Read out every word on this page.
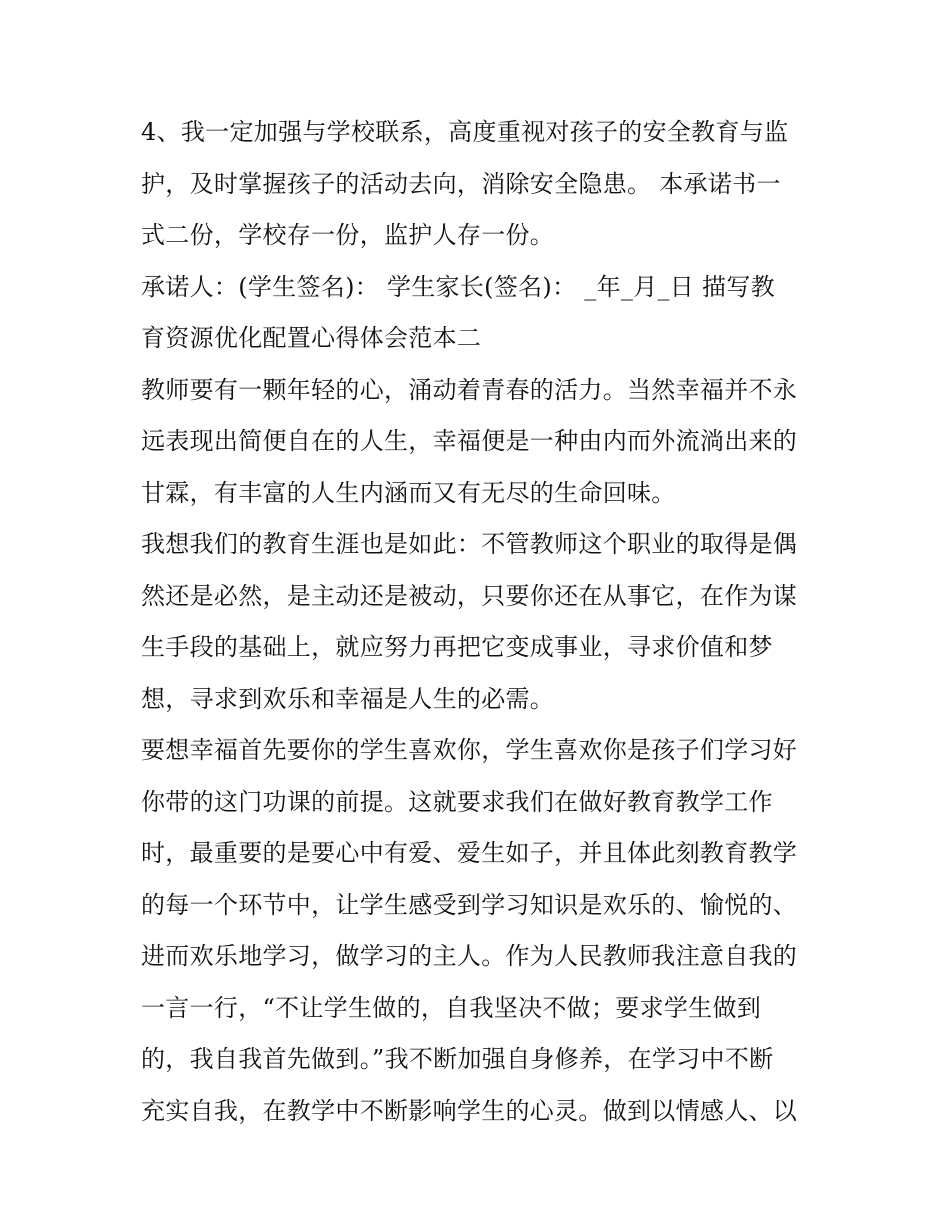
4、我一定加强与学校联系，高度重视对孩子的安全教育与监
护，及时掌握孩子的活动去向，消除安全隐患。 本承诺书一
式二份，学校存一份，监护人存一份。
承诺人：(学生签名)： 学生家长(签名)： _年_月_日 描写教
育资源优化配置心得体会范本二
教师要有一颗年轻的心，涌动着青春的活力。当然幸福并不永
远表现出简便自在的人生，幸福便是一种由内而外流淌出来的
甘霖，有丰富的人生内涵而又有无尽的生命回味。
我想我们的教育生涯也是如此：不管教师这个职业的取得是偶
然还是必然，是主动还是被动，只要你还在从事它，在作为谋
生手段的基础上，就应努力再把它变成事业，寻求价值和梦
想，寻求到欢乐和幸福是人生的必需。
要想幸福首先要你的学生喜欢你，学生喜欢你是孩子们学习好
你带的这门功课的前提。这就要求我们在做好教育教学工作
时，最重要的是要心中有爱、爱生如子，并且体此刻教育教学
的每一个环节中，让学生感受到学习知识是欢乐的、愉悦的、
进而欢乐地学习，做学习的主人。作为人民教师我注意自我的
一言一行，“不让学生做的，自我坚决不做；要求学生做到
的，我自我首先做到。”我不断加强自身修养，在学习中不断
充实自我，在教学中不断影响学生的心灵。做到以情感人、以
